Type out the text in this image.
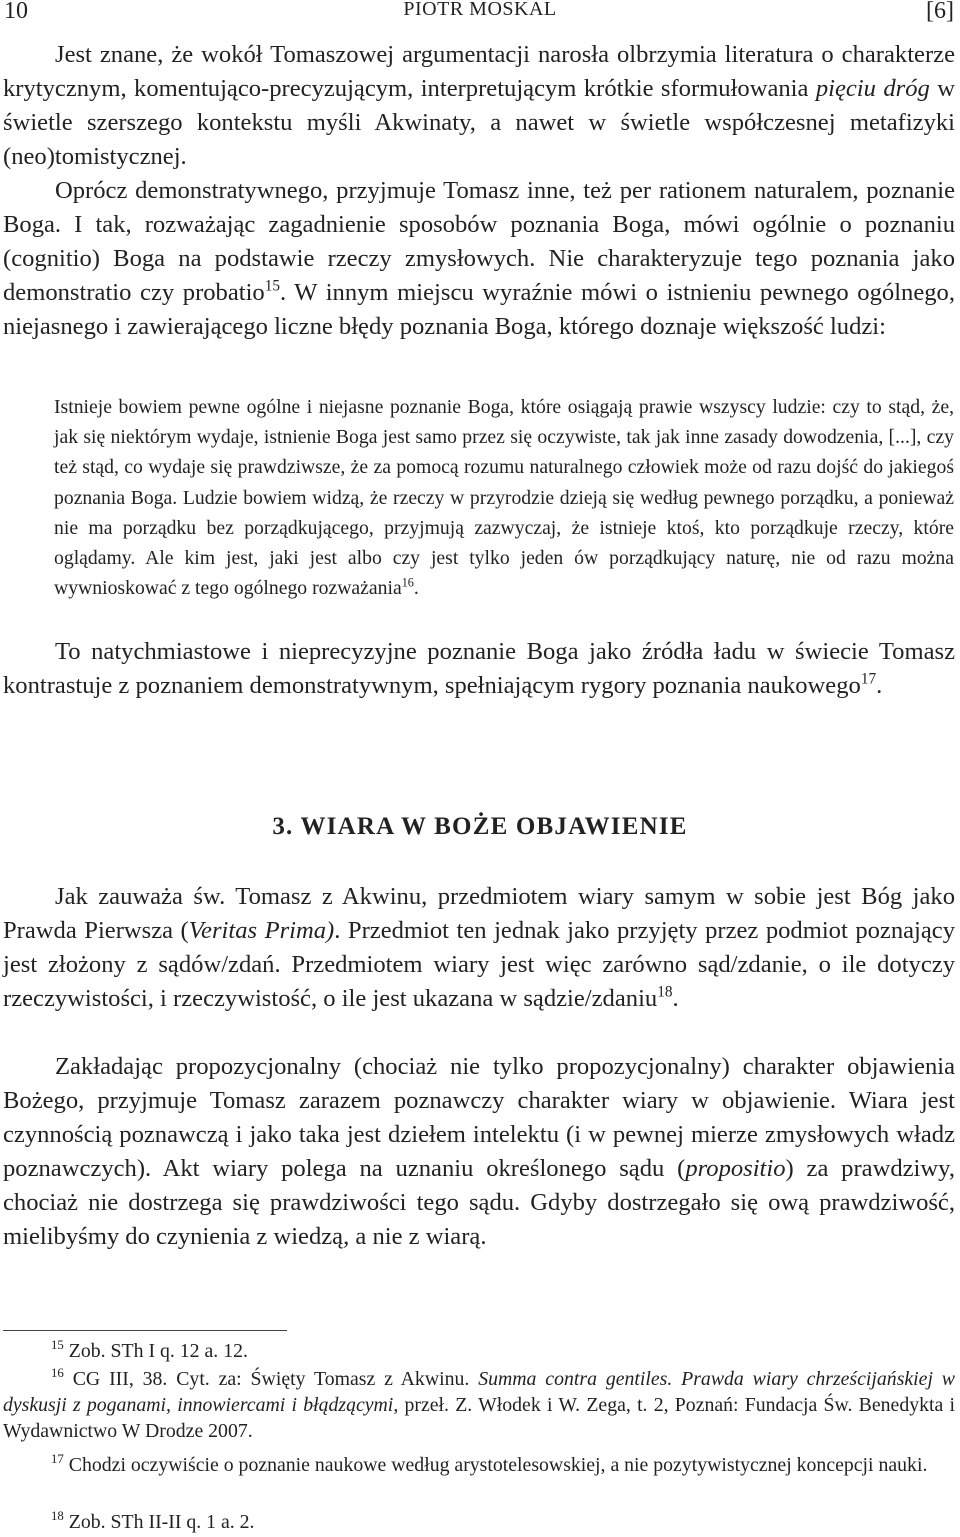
10	PIOTR MOSKAL	[6]

Jest znane, że wokół Tomaszowej argumentacji narosła olbrzymia literatura o charakterze krytycznym, komentująco-precyzującym, interpretującym krótkie sformułowania pięciu dróg w świetle szerszego kontekstu myśli Akwinaty, a nawet w świetle współczesnej metafizyki (neo)tomistycznej.

Oprócz demonstratywnego, przyjmuje Tomasz inne, też per rationem naturalem, poznanie Boga. I tak, rozważając zagadnienie sposobów poznania Boga, mówi ogólnie o poznaniu (cognitio) Boga na podstawie rzeczy zmysłowych. Nie charakteryzuje tego poznania jako demonstratio czy probatio$^{15}$. W innym miejscu wyraźnie mówi o istnieniu pewnego ogólnego, niejasnego i zawierającego liczne błędy poznania Boga, którego doznaje większość ludzi:

Istnieje bowiem pewne ogólne i niejasne poznanie Boga, które osiągają prawie wszyscy ludzie: czy to stąd, że, jak się niektórym wydaje, istnienie Boga jest samo przez się oczywiste, tak jak inne zasady dowodzenia, [...], czy też stąd, co wydaje się prawdziwsze, że za pomocą rozumu naturalnego człowiek może od razu dojść do jakiegoś poznania Boga. Ludzie bowiem widzą, że rzeczy w przyrodzie dzieją się według pewnego porządku, a ponieważ nie ma porządku bez porządkującego, przyjmują zazwyczaj, że istnieje ktoś, kto porządkuje rzeczy, które oglądamy. Ale kim jest, jaki jest albo czy jest tylko jeden ów porządkujący naturę, nie od razu można wywnioskować z tego ogólnego rozważania$^{16}$.

To natychmiastowe i nieprecyzyjne poznanie Boga jako źródła ładu w świecie Tomasz kontrastuje z poznaniem demonstratywnym, spełniającym rygory poznania naukowego$^{17}$.

3. WIARA W BOŻE OBJAWIENIE

Jak zauważa św. Tomasz z Akwinu, przedmiotem wiary samym w sobie jest Bóg jako Prawda Pierwsza (Veritas Prima). Przedmiot ten jednak jako przyjęty przez podmiot poznający jest złożony z sądów/zdań. Przedmiotem wiary jest więc zarówno sąd/zdanie, o ile dotyczy rzeczywistości, i rzeczywistość, o ile jest ukazana w sądzie/zdaniu$^{18}$.

Zakładając propozycjonalny (chociaż nie tylko propozycjonalny) charakter objawienia Bożego, przyjmuje Tomasz zarazem poznawczy charakter wiary w objawienie. Wiara jest czynnością poznawczą i jako taka jest dziełem intelektu (i w pewnej mierze zmysłowych władz poznawczych). Akt wiary polega na uznaniu określonego sądu (propositio) za prawdziwy, chociaż nie dostrzega się prawdziwości tego sądu. Gdyby dostrzegało się ową prawdziwość, mielibyśmy do czynienia z wiedzą, a nie z wiarą.

$^{15}$ Zob. STh I q. 12 a. 12.

$^{16}$ CG III, 38. Cyt. za: Święty Tomasz z Akwinu. Summa contra gentiles. Prawda wiary chrześcijańskiej w dyskusji z poganami, innowiercami i błądzącymi, przeł. Z. Włodek i W. Zega, t. 2, Poznań: Fundacja Św. Benedykta i Wydawnictwo W Drodze 2007.

$^{17}$ Chodzi oczywiście o poznanie naukowe według arystotelesowskiej, a nie pozytywistycznej koncepcji nauki.

$^{18}$ Zob. STh II-II q. 1 a. 2.
